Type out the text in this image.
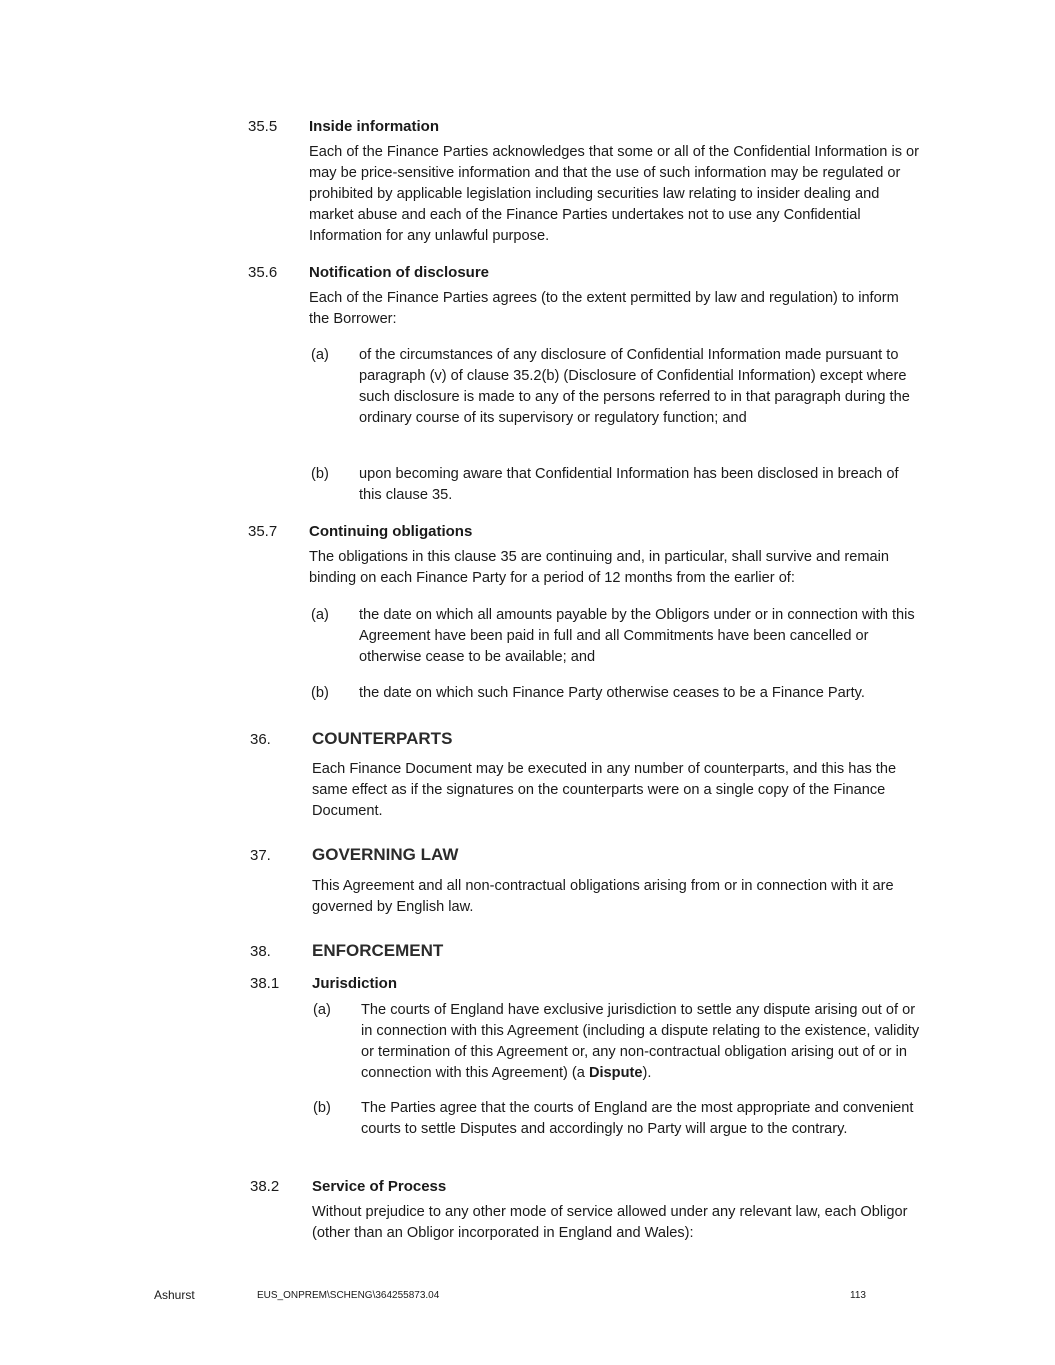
35.5	Inside information

Each of the Finance Parties acknowledges that some or all of the Confidential Information is or may be price-sensitive information and that the use of such information may be regulated or prohibited by applicable legislation including securities law relating to insider dealing and market abuse and each of the Finance Parties undertakes not to use any Confidential Information for any unlawful purpose.

35.6	Notification of disclosure

Each of the Finance Parties agrees (to the extent permitted by law and regulation) to inform the Borrower:

(a) of the circumstances of any disclosure of Confidential Information made pursuant to paragraph (v) of clause 35.2(b) (Disclosure of Confidential Information) except where such disclosure is made to any of the persons referred to in that paragraph during the ordinary course of its supervisory or regulatory function; and
(b) upon becoming aware that Confidential Information has been disclosed in breach of this clause 35.
35.7	Continuing obligations

The obligations in this clause 35 are continuing and, in particular, shall survive and remain binding on each Finance Party for a period of 12 months from the earlier of:

(a) the date on which all amounts payable by the Obligors under or in connection with this Agreement have been paid in full and all Commitments have been cancelled or otherwise cease to be available; and
(b) the date on which such Finance Party otherwise ceases to be a Finance Party.
36.	COUNTERPARTS

Each Finance Document may be executed in any number of counterparts, and this has the same effect as if the signatures on the counterparts were on a single copy of the Finance Document.

37.	GOVERNING LAW

This Agreement and all non-contractual obligations arising from or in connection with it are governed by English law.

38.	ENFORCEMENT
38.1	Jurisdiction
(a) The courts of England have exclusive jurisdiction to settle any dispute arising out of or in connection with this Agreement (including a dispute relating to the existence, validity or termination of this Agreement or, any non-contractual obligation arising out of or in connection with this Agreement) (a Dispute).
(b) The Parties agree that the courts of England are the most appropriate and convenient courts to settle Disputes and accordingly no Party will argue to the contrary.
38.2	Service of Process

Without prejudice to any other mode of service allowed under any relevant law, each Obligor (other than an Obligor incorporated in England and Wales):

Ashurst	EUS_ONPREM\SCHENG\364255873.04	113
